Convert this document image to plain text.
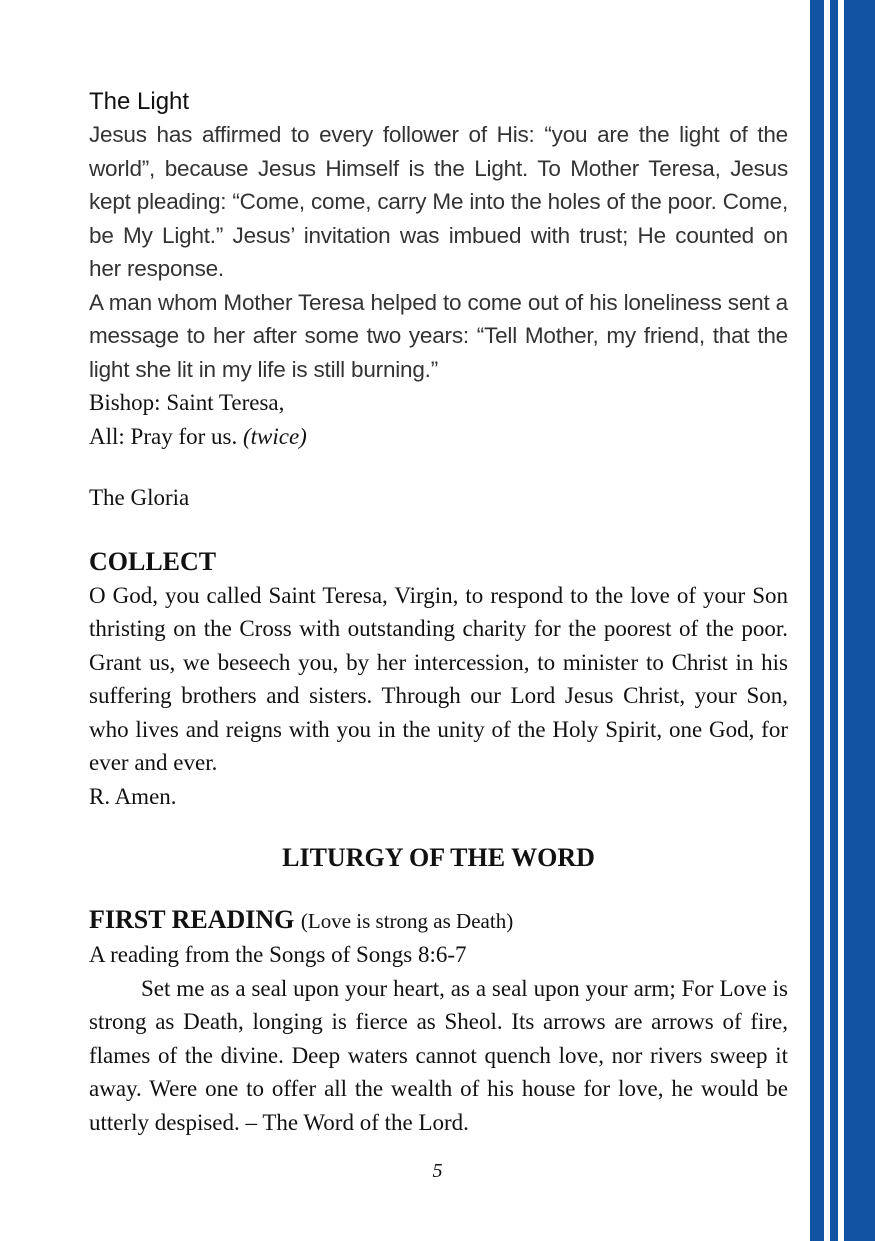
The Light

Jesus has affirmed to every follower of His: “you are the light of the world”, because Jesus Himself is the Light. To Mother Teresa, Jesus kept pleading: “Come, come, carry Me into the holes of the poor. Come, be My Light.” Jesus’ invitation was imbued with trust; He counted on her response.

A man whom Mother Teresa helped to come out of his loneliness sent a message to her after some two years: “Tell Mother, my friend, that the light she lit in my life is still burning.”

Bishop: Saint Teresa,

All: Pray for us. (twice)

The Gloria

COLLECT

O God, you called Saint Teresa, Virgin, to respond to the love of your Son thristing on the Cross with outstanding charity for the poorest of the poor. Grant us, we beseech you, by her intercession, to minister to Christ in his suffering brothers and sisters. Through our Lord Jesus Christ, your Son, who lives and reigns with you in the unity of the Holy Spirit, one God, for ever and ever.

R. Amen.

LITURGY OF THE WORD
FIRST READING (Love is strong as Death)

A reading from the Songs of Songs 8:6-7

Set me as a seal upon your heart, as a seal upon your arm; For Love is strong as Death, longing is fierce as Sheol. Its arrows are arrows of fire, flames of the divine. Deep waters cannot quench love, nor rivers sweep it away. Were one to offer all the wealth of his house for love, he would be utterly despised. – The Word of the Lord.

5
